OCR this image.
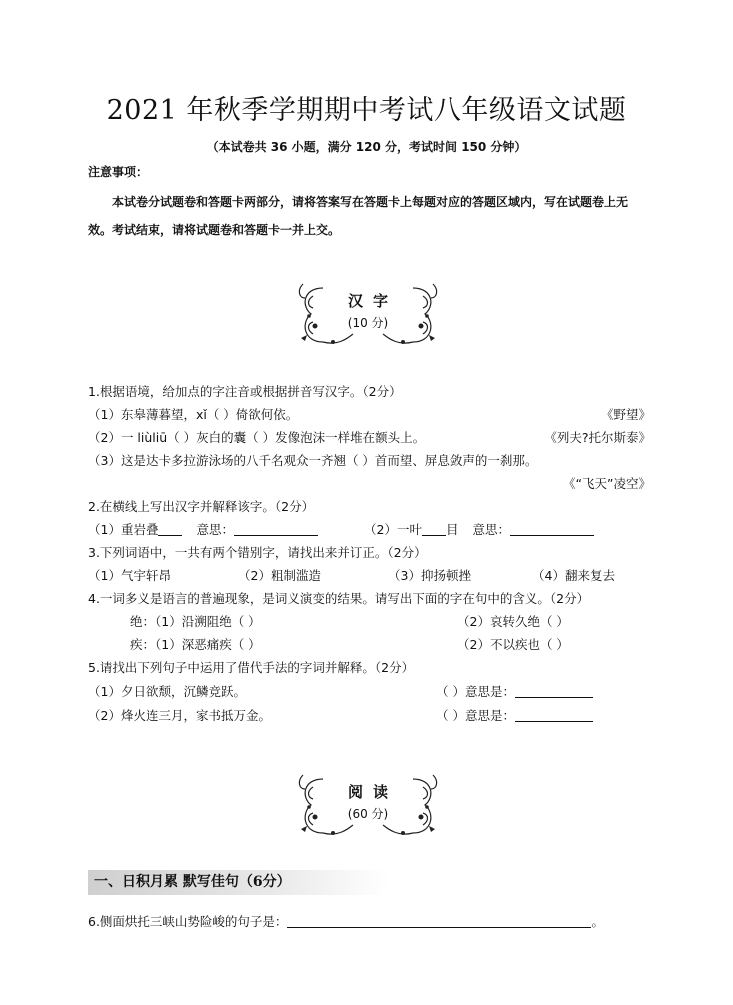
2021 年秋季学期期中考试八年级语文试题
（本试卷共 36 小题，满分 120 分，考试时间 150 分钟）
注意事项：
本试卷分试题卷和答题卡两部分，请将答案写在答题卡上每题对应的答题区域内，写在试题卷上无效。考试结束，请将试题卷和答题卡一并上交。
汉字
(10 分)
1.根据语境，给加点的字注音或根据拼音写汉字。（2分）
（1）东皋薄暮望，xǐ（ ）倚欲何依。	《野望》
（2）一 liùliū（ ）灰白的囊（ ）发像泡沫一样堆在额头上。	《列夫?托尔斯泰》
（3）这是达卡多拉游泳场的八千名观众一齐翘（ ）首而望、屏息敛声的一刹那。
《“飞天”凌空》
2.在横线上写出汉字并解释该字。（2分）
（1）重岩叠	意思：	（2）一叶 目 意思：
3.下列词语中，一共有两个错别字，请找出来并订正。（2分）
（1）气宇轩昂	（2）粗制滥造	（3）抑扬顿挫	（4）翻来复去
4.一词多义是语言的普遍现象，是词义演变的结果。请写出下面的字在句中的含义。（2分）
绝：（1）沿溯阻绝（ ）	（2）哀转久绝（ ）
疾：（1）深恶痛疾（ ）	（2）不以疾也（ ）
5.请找出下列句子中运用了借代手法的字词并解释。（2分）
（1）夕日欲颓，沉鳞竞跃。	（ ）意思是：
（2）烽火连三月，家书抵万金。	（ ）意思是：
阅读
(60 分)
一、日积月累 默写佳句（6分）
6.侧面烘托三峡山势险峻的句子是：	。
